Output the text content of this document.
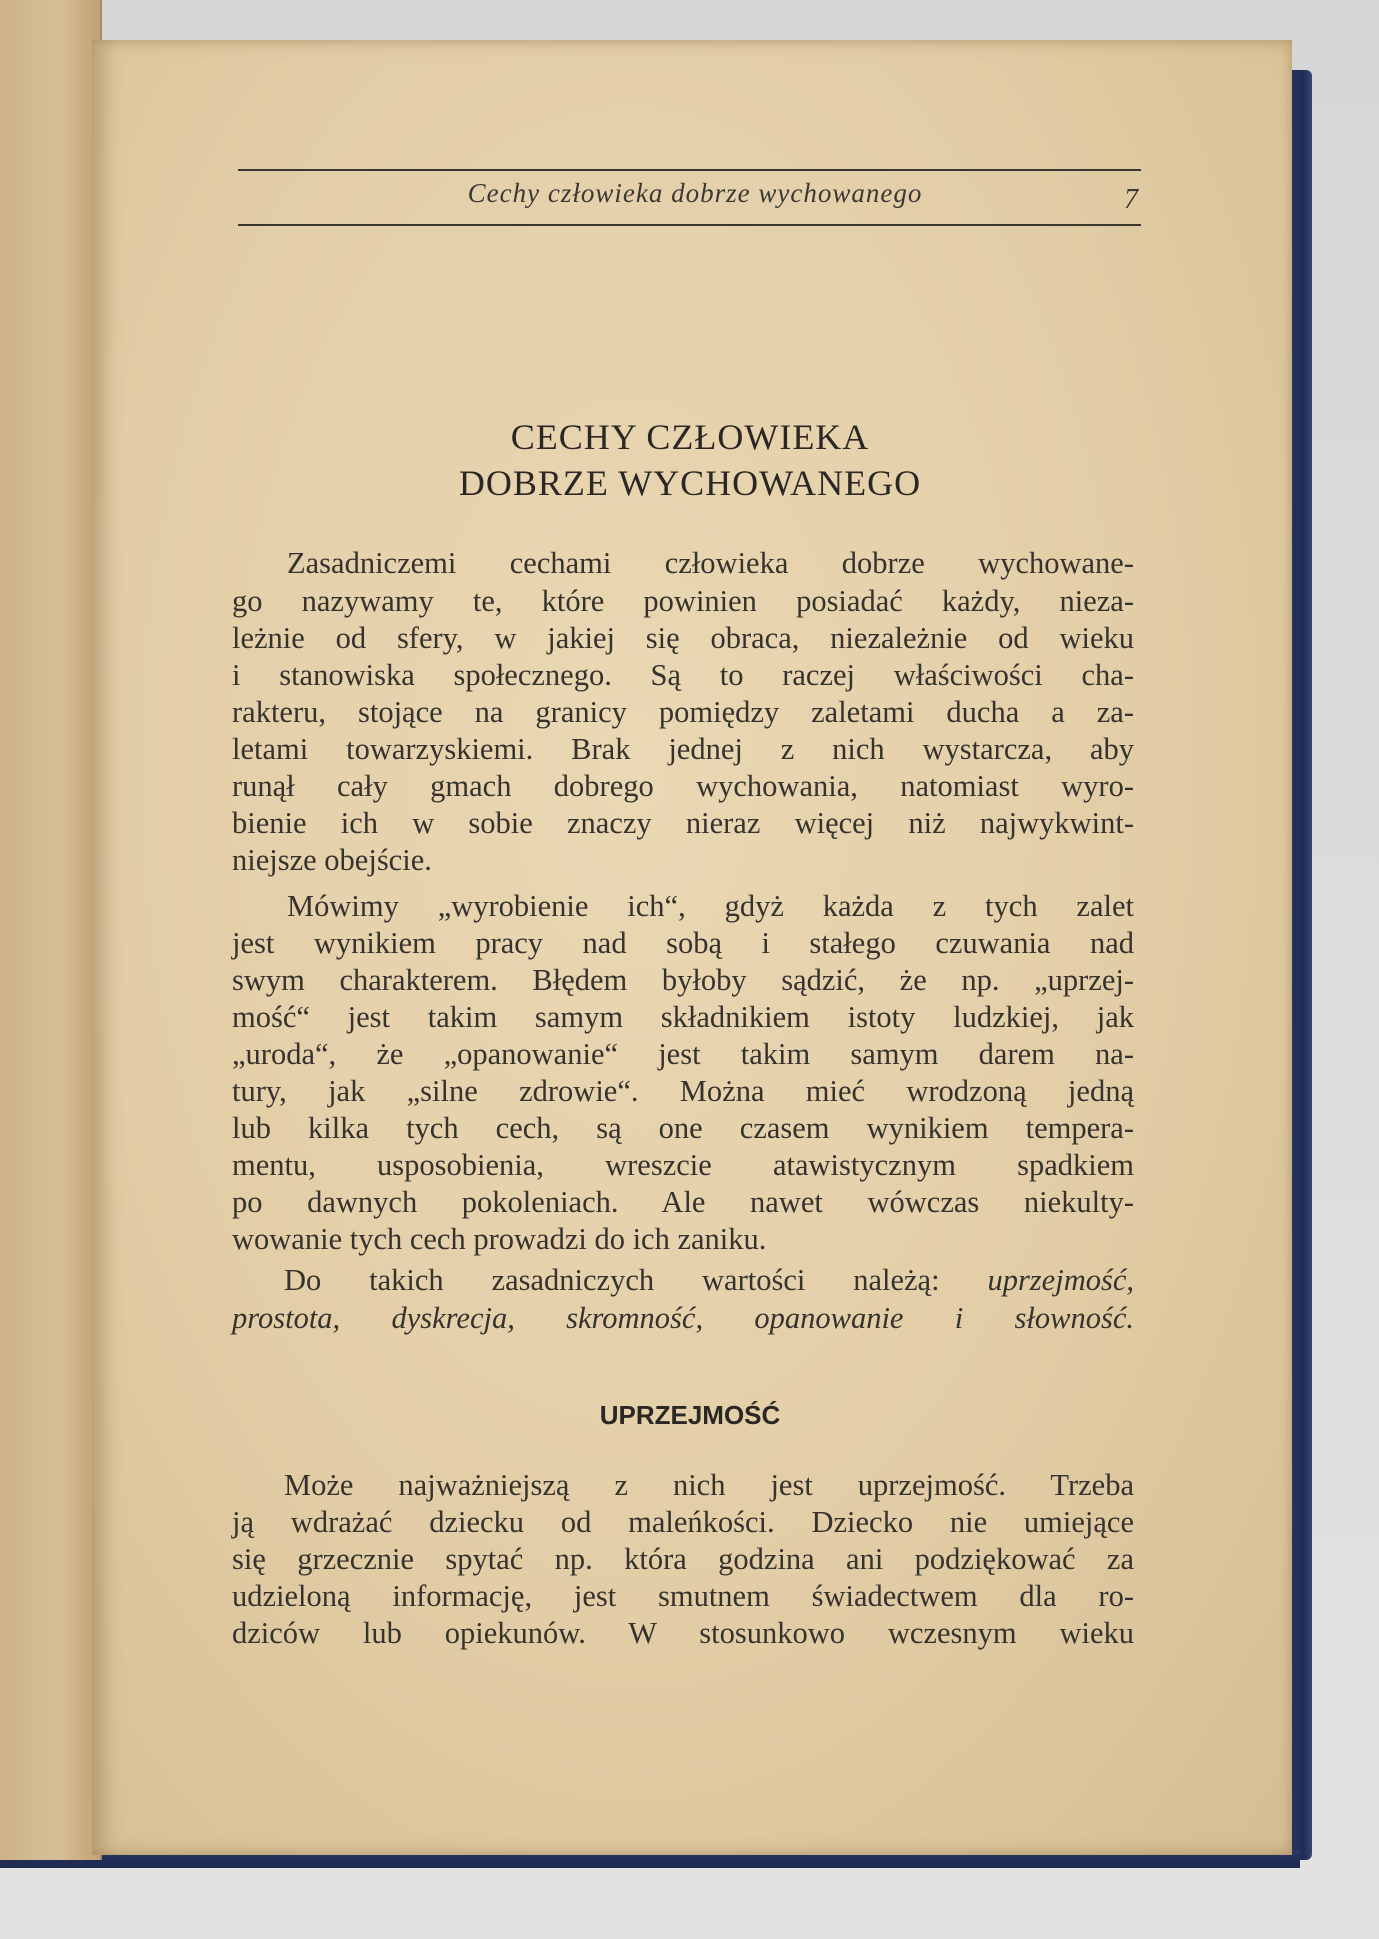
Cechy człowieka dobrze wychowanego	7
CECHY CZŁOWIEKA
DOBRZE WYCHOWANEGO
Zasadniczemi cechami człowieka dobrze wychowane-
go nazywamy te, które powinien posiadać każdy, nieza-
leżnie od sfery, w jakiej się obraca, niezależnie od wieku
i stanowiska społecznego. Są to raczej właściwości cha-
rakteru, stojące na granicy pomiędzy zaletami ducha a za-
letami towarzyskiemi. Brak jednej z nich wystarcza, aby
runął cały gmach dobrego wychowania, natomiast wyro-
bienie ich w sobie znaczy nieraz więcej niż najwykwint-
niejsze obejście.
Mówimy „wyrobienie ich“, gdyż każda z tych zalet
jest wynikiem pracy nad sobą i stałego czuwania nad
swym charakterem. Błędem byłoby sądzić, że np. „uprzej-
mość“ jest takim samym składnikiem istoty ludzkiej, jak
„uroda“, że „opanowanie“ jest takim samym darem na-
tury, jak „silne zdrowie“. Można mieć wrodzoną jedną
lub kilka tych cech, są one czasem wynikiem tempera-
mentu, usposobienia, wreszcie atawistycznym spadkiem
po dawnych pokoleniach. Ale nawet wówczas niekulty-
wowanie tych cech prowadzi do ich zaniku.
Do takich zasadniczych wartości należą: uprzejmość,
prostota, dyskrecja, skromność, opanowanie i słowność.
UPRZEJMOŚĆ
Może najważniejszą z nich jest uprzejmość. Trzeba
ją wdrażać dziecku od maleńkości. Dziecko nie umiejące
się grzecznie spytać np. która godzina ani podziękować za
udzieloną informację, jest smutnem świadectwem dla ro-
dziców lub opiekunów. W stosunkowo wczesnym wieku
